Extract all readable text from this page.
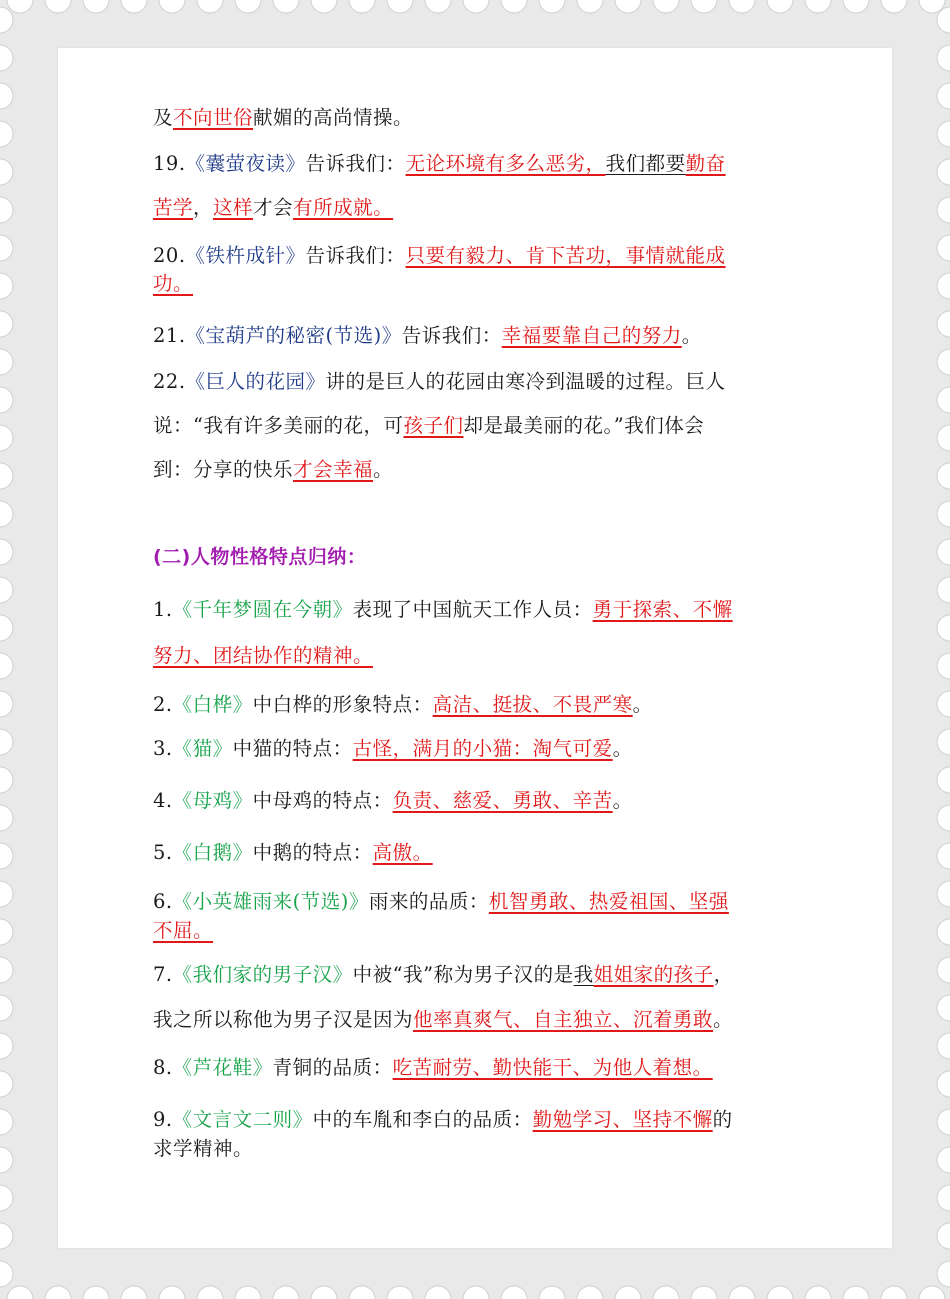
及不向世俗献媚的高尚情操。
19.《囊萤夜读》告诉我们：无论环境有多么恶劣，我们都要勤奋
苦学，这样才会有所成就。
20.《铁杵成针》告诉我们：只要有毅力、肯下苦功，事情就能成
功。
21.《宝葫芦的秘密(节选)》告诉我们：幸福要靠自己的努力。
22.《巨人的花园》讲的是巨人的花园由寒冷到温暖的过程。巨人
说：“我有许多美丽的花，可孩子们却是最美丽的花。”我们体会
到：分享的快乐才会幸福。
(二)人物性格特点归纳：
1.《千年梦圆在今朝》表现了中国航天工作人员：勇于探索、不懈
努力、团结协作的精神。
2.《白桦》中白桦的形象特点：高洁、挺拔、不畏严寒。
3.《猫》中猫的特点：古怪，满月的小猫：淘气可爱。
4.《母鸡》中母鸡的特点：负责、慈爱、勇敢、辛苦。
5.《白鹅》中鹅的特点：高傲。
6.《小英雄雨来(节选)》雨来的品质：机智勇敢、热爱祖国、坚强
不屈。
7.《我们家的男子汉》中被“我”称为男子汉的是我姐姐家的孩子，
我之所以称他为男子汉是因为他率真爽气、自主独立、沉着勇敢。
8.《芦花鞋》青铜的品质：吃苦耐劳、勤快能干、为他人着想。
9.《文言文二则》中的车胤和李白的品质：勤勉学习、坚持不懈的
求学精神。
